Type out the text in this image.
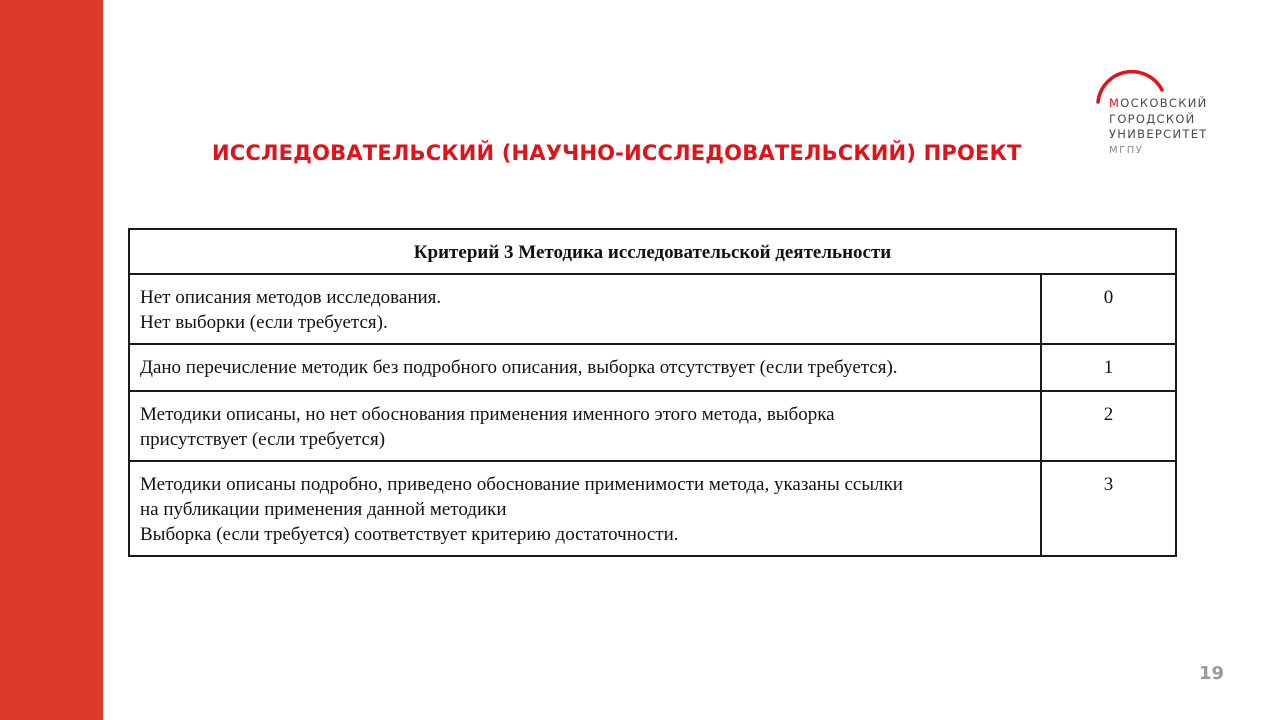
ИССЛЕДОВАТЕЛЬСКИЙ (НАУЧНО-ИССЛЕДОВАТЕЛЬСКИЙ) ПРОЕКТ
МОСКОВСКИЙ
ГОРОДСКОЙ
УНИВЕРСИТЕТ
МГПУ
Критерий 3 Методика исследовательской деятельности	

Нет описания методов исследования.
Нет выборки (если требуется).	0

Дано перечисление методик без подробного описания, выборка отсутствует (если требуется).	1

Методики описаны, но нет обоснования применения именного этого метода, выборка
присутствует (если требуется)	2

Методики описаны подробно, приведено обоснование применимости метода, указаны ссылки
на публикации применения данной методики
Выборка (если требуется) соответствует критерию достаточности.	3
19
